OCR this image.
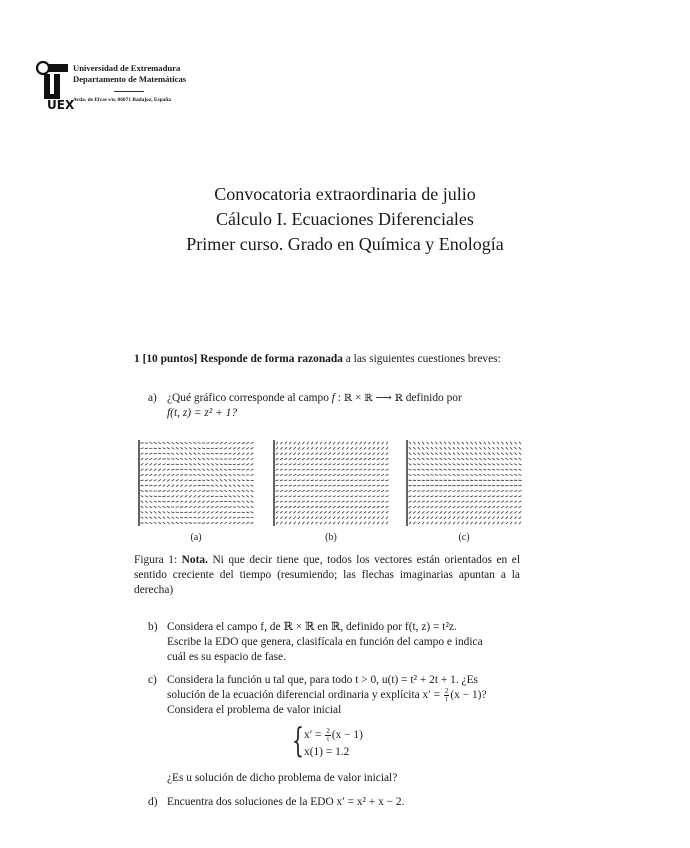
UEX
Universidad de Extremadura
Departamento de Matemáticas
Avda. de Elvas s/n. 06071 Badajoz, España
Convocatoria extraordinaria de julio
Cálculo I. Ecuaciones Diferenciales
Primer curso. Grado en Química y Enología
1 [10 puntos] Responde de forma razonada a las siguientes cuestiones breves:
a) ¿Qué gráfico corresponde al campo f : ℝ × ℝ ⟶ ℝ definido por
f(t, z) = z² + 1?
(a)	(b)	(c)
Figura 1: Nota. Ni que decir tiene que, todos los vectores están orientados en el sentido creciente del tiempo (resumiendo; las flechas imaginarias apuntan a la derecha)
b) Considera el campo f, de ℝ × ℝ en ℝ, definido por f(t, z) = t²z.
Escribe la EDO que genera, clasifícala en función del campo e indica
cuál es su espacio de fase.
c) Considera la función u tal que, para todo t > 0, u(t) = t² + 2t + 1. ¿Es
solución de la ecuación diferencial ordinaria y explícita $x' = \frac{2}{t} (x - 1)$?
Considera el problema de valor inicial
{ $x' = \frac{2}{t} (x - 1)$
x(1) = 1.2
¿Es u solución de dicho problema de valor inicial?
d) Encuentra dos soluciones de la EDO x′ = x² + x − 2.
